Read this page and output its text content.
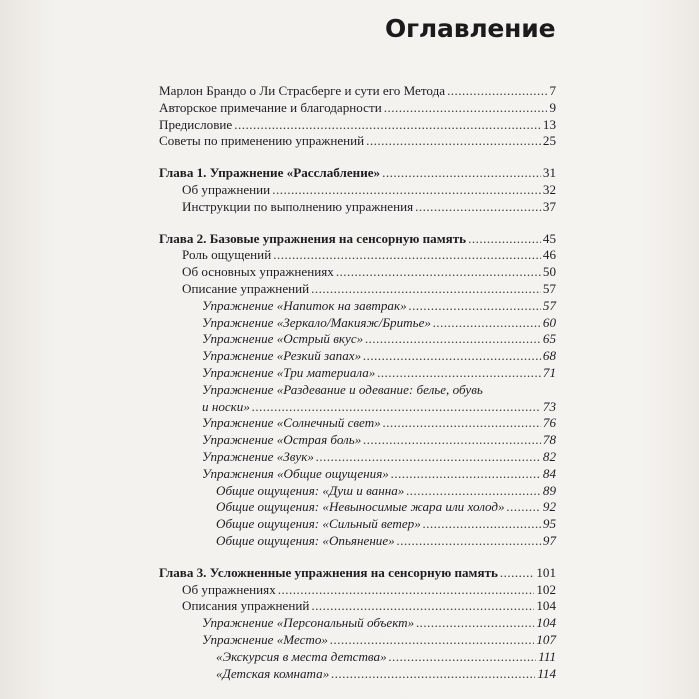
Оглавление
Марлон Брандо о Ли Страсберге и сути его Метода . . .	7
Авторское примечание и благодарности . . .	9
Предисловие . . .	13
Советы по применению упражнений . . .	25
Глава 1. Упражнение «Расслабление» . . .	31
Об упражнении . . .	32
Инструкции по выполнению упражнения . . .	37
Глава 2. Базовые упражнения на сенсорную память . . .	45
Роль ощущений . . .	46
Об основных упражнениях . . .	50
Описание упражнений . . .	57
Упражнение «Напиток на завтрак» . . .	57
Упражнение «Зеркало/Макияж/Бритье» . . .	60
Упражнение «Острый вкус» . . .	65
Упражнение «Резкий запах» . . .	68
Упражнение «Три материала» . . .	71
Упражнение «Раздевание и одевание: белье, обувь
и носки» . . .	73
Упражнение «Солнечный свет» . . .	76
Упражнение «Острая боль» . . .	78
Упражнение «Звук» . . .	82
Упражнения «Общие ощущения» . . .	84
Общие ощущения: «Душ и ванна» . . .	89
Общие ощущения: «Невыносимые жара или холод» . . .	92
Общие ощущения: «Сильный ветер» . . .	95
Общие ощущения: «Опьянение» . . .	97
Глава 3. Усложненные упражнения на сенсорную память . . .	101
Об упражнениях . . .	102
Описания упражнений . . .	104
Упражнение «Персональный объект» . . .	104
Упражнение «Место» . . .	107
«Экскурсия в места детства» . . .	111
«Детская комната» . . .	114
